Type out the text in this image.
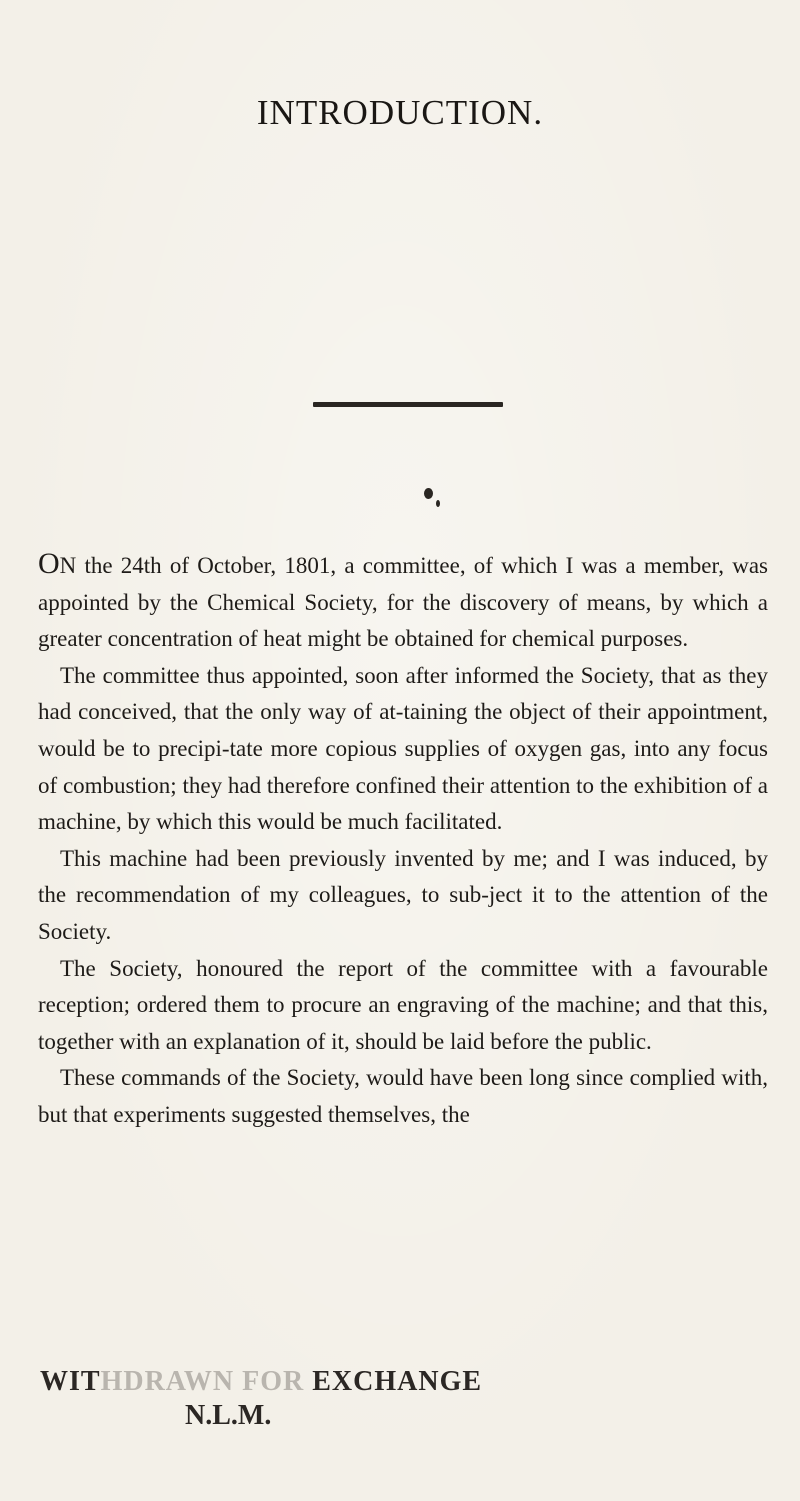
INTRODUCTION.

ON the 24th of October, 1801, a committee, of which I was a member, was appointed by the Chemical Society, for the discovery of means, by which a greater concentration of heat might be obtained for chemical purposes.

The committee thus appointed, soon after informed the Society, that as they had conceived, that the only way of at-taining the object of their appointment, would be to precipi-tate more copious supplies of oxygen gas, into any focus of combustion; they had therefore confined their attention to the exhibition of a machine, by which this would be much facilitated.

This machine had been previously invented by me; and I was induced, by the recommendation of my colleagues, to sub-ject it to the attention of the Society.

The Society, honoured the report of the committee with a favourable reception; ordered them to procure an engraving of the machine; and that this, together with an explanation of it, should be laid before the public.

These commands of the Society, would have been long since complied with, but that experiments suggested themselves, the

WITHDRAWN FOR EXCHANGE
N.L.M.
